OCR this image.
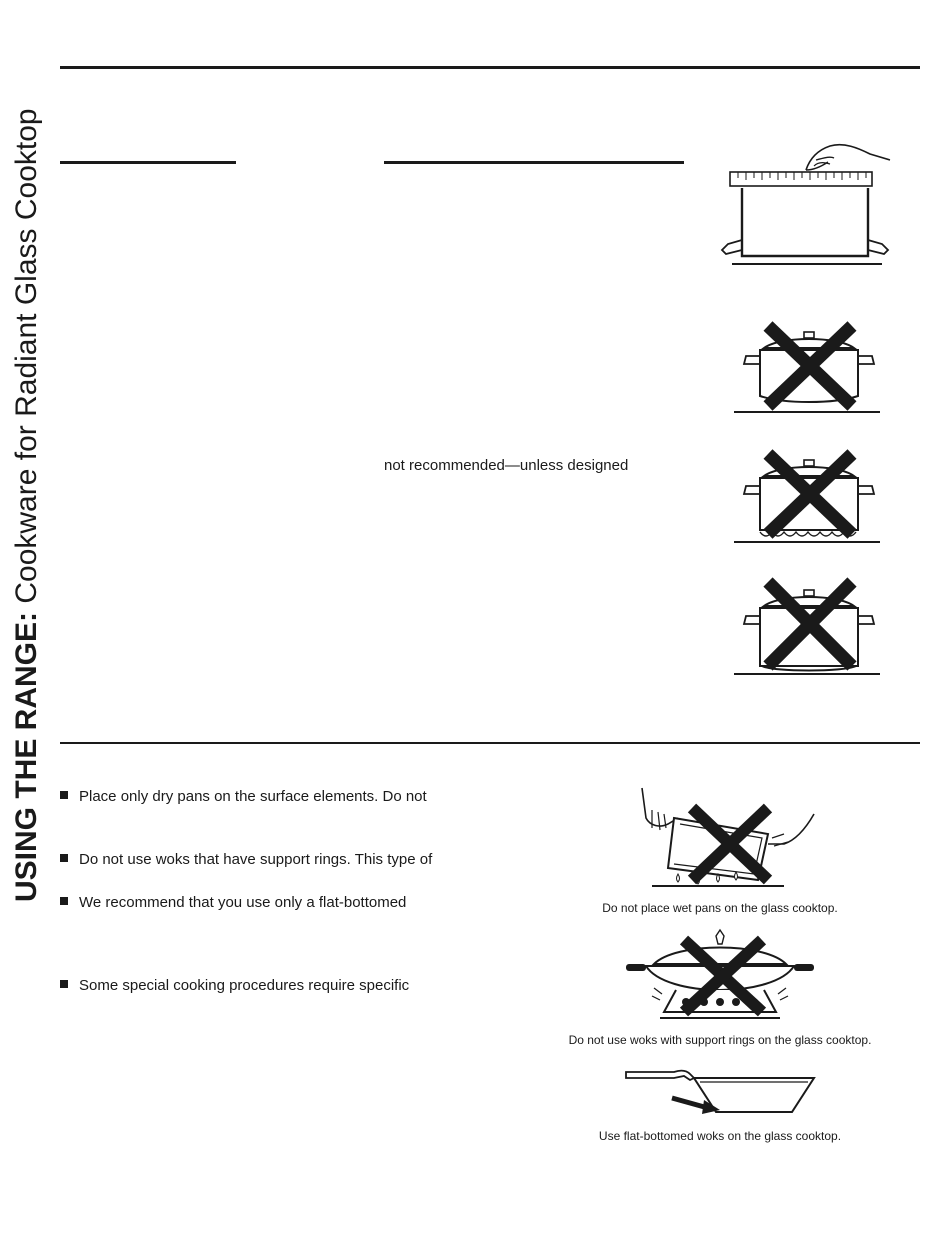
USING THE RANGE: Cookware for Radiant Glass Cooktop	not recommended—unless designed
Place only dry pans on the surface elements. Do not
Do not use woks that have support rings. This type of
We recommend that you use only a flat-bottomed
Some special cooking procedures require specific
Do not place wet pans on the glass cooktop.
Do not use woks with support rings on the glass cooktop.
Use flat-bottomed woks on the glass cooktop.
